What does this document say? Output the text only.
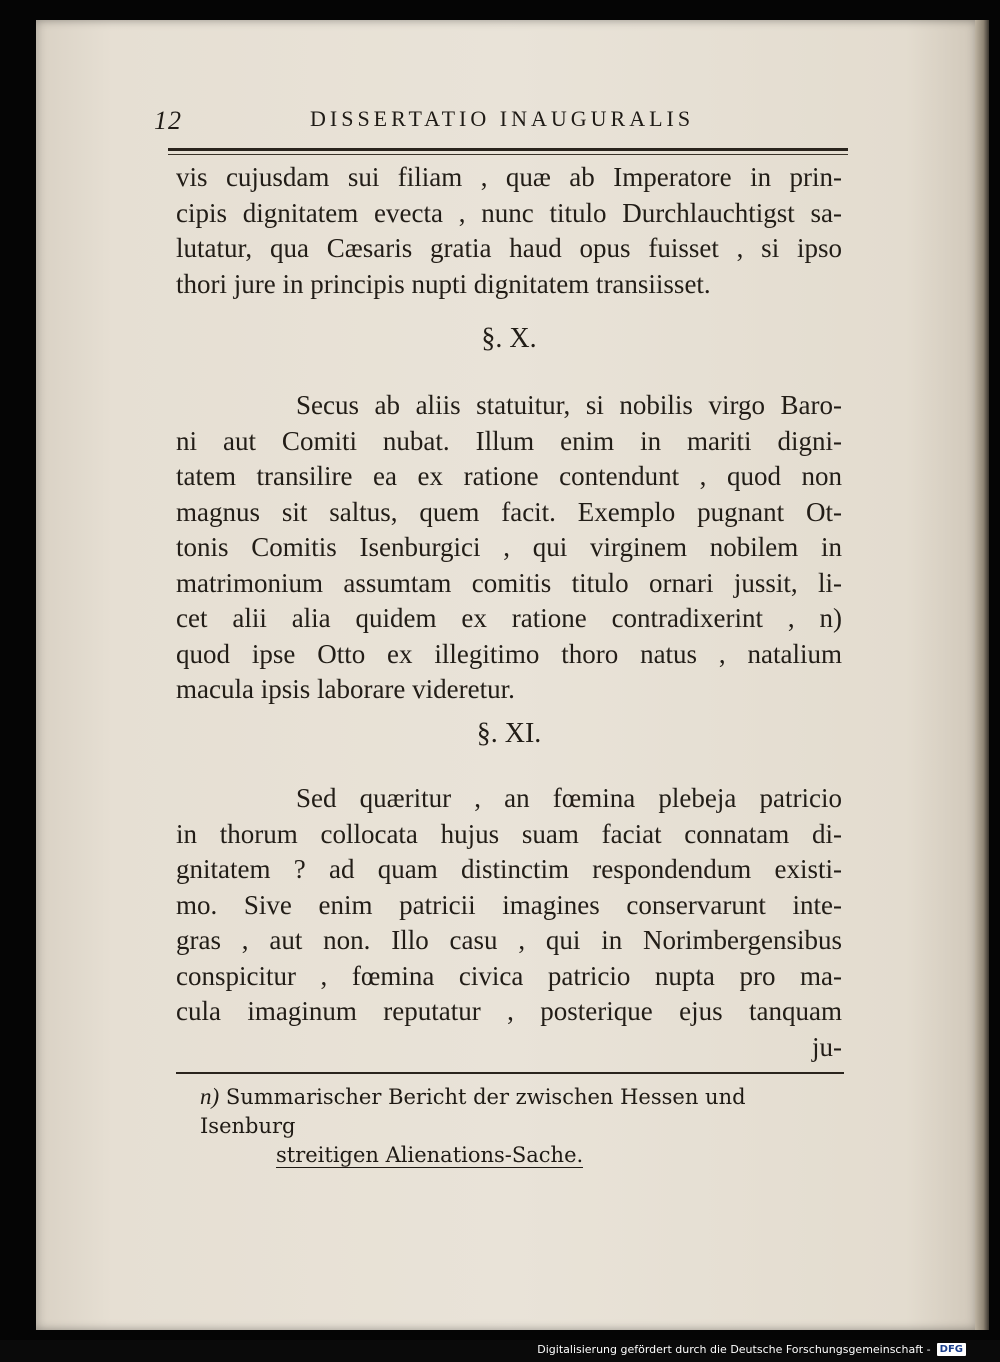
12	DISSERTATIO INAUGURALIS

vis cujusdam sui filiam , quæ ab Imperatore in prin-
cipis dignitatem evecta , nunc titulo Durchlauchtigst sa-
lutatur, qua Cæsaris gratia haud opus fuisset , si ipso
thori jure in principis nupti dignitatem transiisset.

§. X.

Secus ab aliis statuitur, si nobilis virgo Baro-
ni aut Comiti nubat. Illum enim in mariti digni-
tatem transilire ea ex ratione contendunt , quod non
magnus sit saltus, quem facit. Exemplo pugnant Ot-
tonis Comitis Isenburgici , qui virginem nobilem in
matrimonium assumtam comitis titulo ornari jussit, li-
cet alii alia quidem ex ratione contradixerint , n)
quod ipse Otto ex illegitimo thoro natus , natalium
macula ipsis laborare videretur.

§. XI.

Sed quæritur , an fœmina plebeja patricio
in thorum collocata hujus suam faciat connatam di-
gnitatem ? ad quam distinctim respondendum existi-
mo. Sive enim patricii imagines conservarunt inte-
gras , aut non. Illo casu , qui in Norimbergensibus
conspicitur , fœmina civica patricio nupta pro ma-
cula imaginum reputatur , posterique ejus tanquam
ju-

n) Summarischer Bericht der zwischen Hessen und Isenburg
streitigen Alienations-Sache.
Digitalisierung gefördert durch die Deutsche Forschungsgemeinschaft - DFG
